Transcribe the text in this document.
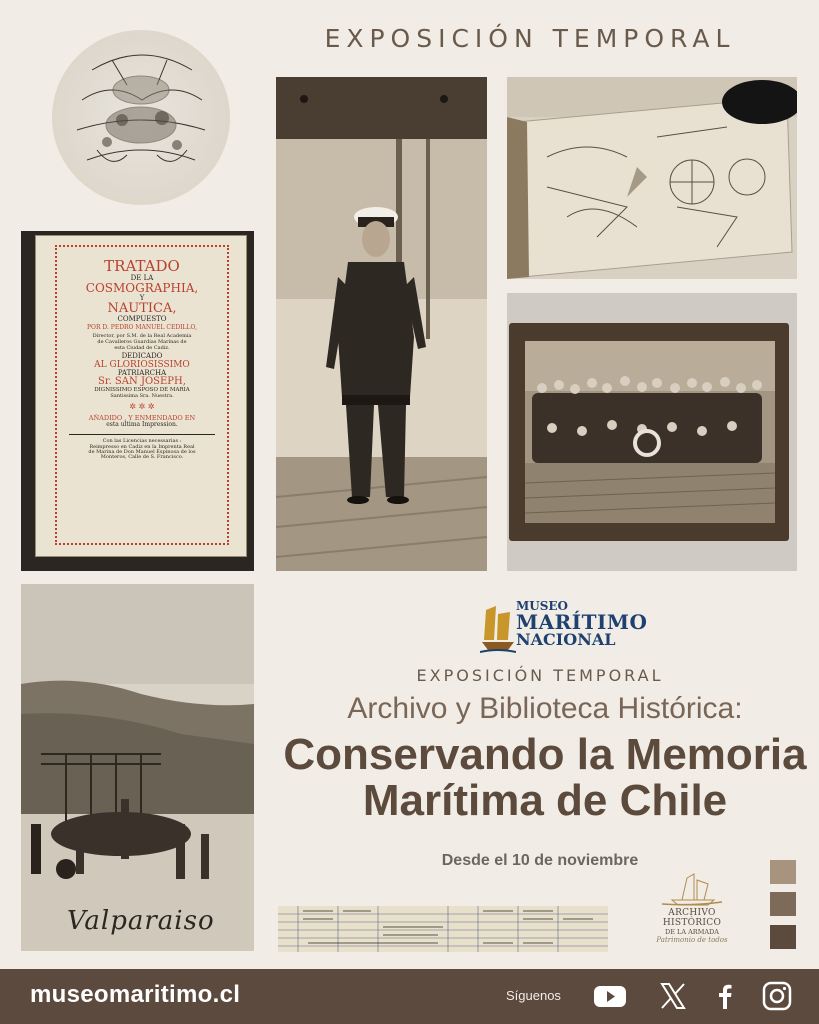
EXPOSICIÓN TEMPORAL
TRATADO
DE LA
COSMOGRAPHIA,
Y
NAUTICA,
COMPUESTO
POR D. PEDRO MANUEL CEDILLO,
Director, por S.M. de la Real Academia
de Cavalleros Guardias Marinas de
esta Ciudad de Cadiz.
DEDICADO
AL GLORIOSISSIMO
PATRIARCHA
Sr. SAN JOSEPH,
DIGNISSIMO ESPOSO DE MARIA
Santissima Sra. Nuestra.
✲ ✲ ✲
AÑADIDO , Y ENMENDADO EN
esta ultima Impression.
Con las Licencias necessarias :
Reimpresso en Cadiz en la Imprenta Real
de Marina de Don Manuel Espinosa de los
Monteros, Calle de S. Francisco.
Valparaiso
MUSEO
MARÍTIMO
NACIONAL
EXPOSICIÓN TEMPORAL
Archivo y Biblioteca Histórica:
Conservando la Memoria
Marítima de Chile
Desde el 10 de noviembre
ARCHIVO HISTÓRICO
DE LA ARMADA
Patrimonio de todos
museomaritimo.cl	Síguenos
